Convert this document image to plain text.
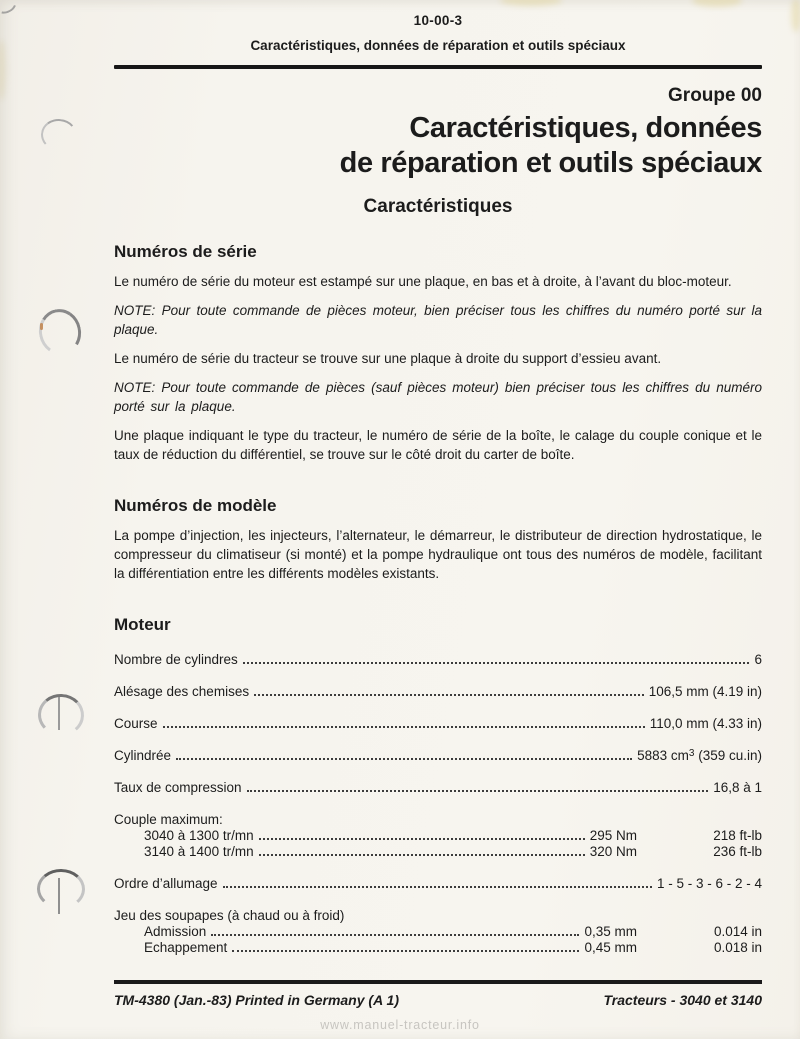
10-00-3
Caractéristiques, données de réparation et outils spéciaux
Groupe 00
Caractéristiques, données
de réparation et outils spéciaux
Caractéristiques
Numéros de série

Le numéro de série du moteur est estampé sur une plaque, en bas et à droite, à l’avant du bloc-moteur.

NOTE: Pour toute commande de pièces moteur, bien préciser tous les chiffres du numéro porté sur la plaque.

Le numéro de série du tracteur se trouve sur une plaque à droite du support d’essieu avant.

NOTE: Pour toute commande de pièces (sauf pièces moteur) bien préciser tous les chiffres du numéro porté sur la plaque.

Une plaque indiquant le type du tracteur, le numéro de série de la boîte, le calage du couple conique et le taux de réduction du différentiel, se trouve sur le côté droit du carter de boîte.

Numéros de modèle

La pompe d’injection, les injecteurs, l’alternateur, le démarreur, le distributeur de direction hydrostatique, le compresseur du climatiseur (si monté) et la pompe hydraulique ont tous des numéros de modèle, facilitant la différentiation entre les différents modèles existants.

Moteur
Nombre de cylindres	6
Alésage des chemises	106,5 mm (4.19 in)
Course	110,0 mm (4.33 in)
Cylindrée	5883 $cm^3$ (359 cu.in)
Taux de compression	16,8 à 1
Couple maximum:
3040 à 1300 tr/mn	295 Nm	218 ft-lb
3140 à 1400 tr/mn	320 Nm	236 ft-lb
Ordre d’allumage	1 - 5 - 3 - 6 - 2 - 4
Jeu des soupapes (à chaud ou à froid)
Admission	0,35 mm	0.014 in
Echappement	0,45 mm	0.018 in
TM-4380 (Jan.-83) Printed in Germany (A 1)	Tracteurs - 3040 et 3140
www.manuel-tracteur.info
